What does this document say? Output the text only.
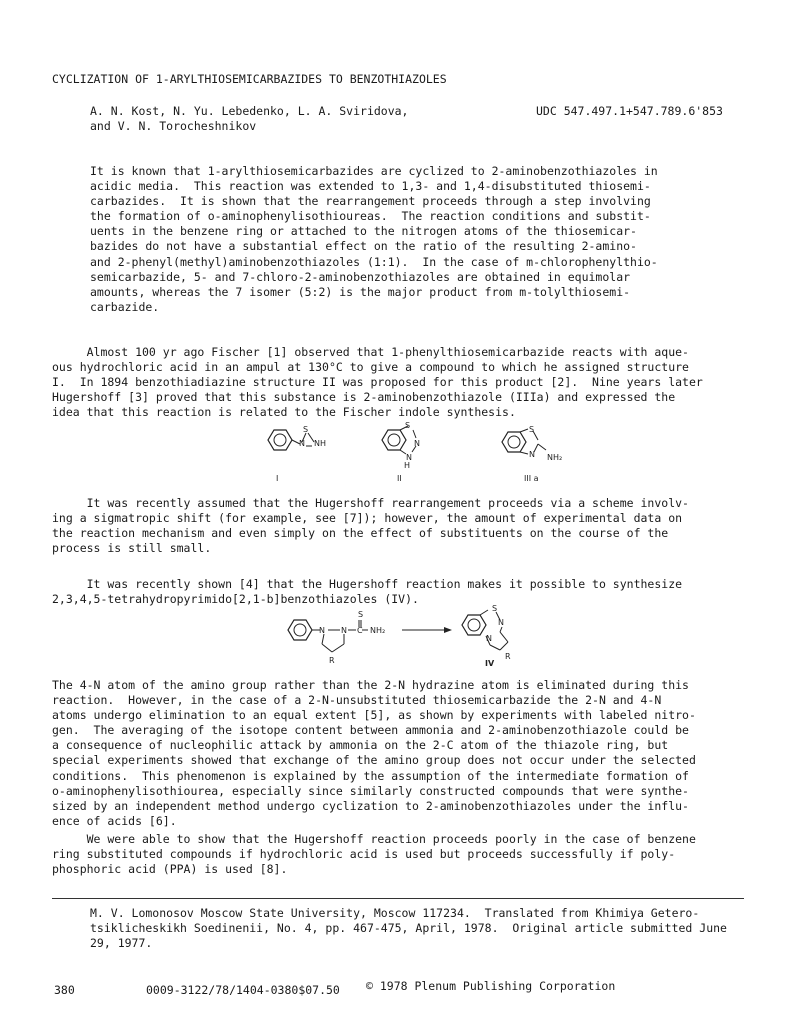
CYCLIZATION OF 1-ARYLTHIOSEMICARBAZIDES TO BENZOTHIAZOLES
A. N. Kost, N. Yu. Lebedenko, L. A. Sviridova,
and V. N. Torocheshnikov
UDC 547.497.1+547.789.6'853
It is known that 1-arylthiosemicarbazides are cyclized to 2-aminobenzothiazoles in
acidic media.  This reaction was extended to 1,3- and 1,4-disubstituted thiosemi-
carbazides.  It is shown that the rearrangement proceeds through a step involving
the formation of o-aminophenylisothioureas.  The reaction conditions and substit-
uents in the benzene ring or attached to the nitrogen atoms of the thiosemicar-
bazides do not have a substantial effect on the ratio of the resulting 2-amino-
and 2-phenyl(methyl)aminobenzothiazoles (1:1).  In the case of m-chlorophenylthio-
semicarbazide, 5- and 7-chloro-2-aminobenzothiazoles are obtained in equimolar
amounts, whereas the 7 isomer (5:2) is the major product from m-tolylthiosemi-
carbazide.
Almost 100 yr ago Fischer [1] observed that 1-phenylthiosemicarbazide reacts with aque-
ous hydrochloric acid in an ampul at 130°C to give a compound to which he assigned structure
I.  In 1894 benzothiadiazine structure II was proposed for this product [2].  Nine years later
Hugershoff [3] proved that this substance is 2-aminobenzothiazole (IIIa) and expressed the
idea that this reaction is related to the Fischer indole synthesis.
S
N NH
I
S
N
N
H
II
S
N NH₂
III a
It was recently assumed that the Hugershoff rearrangement proceeds via a scheme involv-
ing a sigmatropic shift (for example, see [7]); however, the amount of experimental data on
the reaction mechanism and even simply on the effect of substituents on the course of the
process is still small.
It was recently shown [4] that the Hugershoff reaction makes it possible to synthesize
2,3,4,5-tetrahydropyrimido[2,1-b]benzothiazoles (IV).
N N C NH₂
S
R
S
N
N
R
IV
The 4-N atom of the amino group rather than the 2-N hydrazine atom is eliminated during this
reaction.  However, in the case of a 2-N-unsubstituted thiosemicarbazide the 2-N and 4-N
atoms undergo elimination to an equal extent [5], as shown by experiments with labeled nitro-
gen.  The averaging of the isotope content between ammonia and 2-aminobenzothiazole could be
a consequence of nucleophilic attack by ammonia on the 2-C atom of the thiazole ring, but
special experiments showed that exchange of the amino group does not occur under the selected
conditions.  This phenomenon is explained by the assumption of the intermediate formation of
o-aminophenylisothiourea, especially since similarly constructed compounds that were synthe-
sized by an independent method undergo cyclization to 2-aminobenzothiazoles under the influ-
ence of acids [6].
We were able to show that the Hugershoff reaction proceeds poorly in the case of benzene
ring substituted compounds if hydrochloric acid is used but proceeds successfully if poly-
phosphoric acid (PPA) is used [8].
M. V. Lomonosov Moscow State University, Moscow 117234.  Translated from Khimiya Getero-
tsiklicheskikh Soedinenii, No. 4, pp. 467-475, April, 1978.  Original article submitted June
29, 1977.
380	0009-3122/78/1404-0380$07.50 © 1978 Plenum Publishing Corporation
